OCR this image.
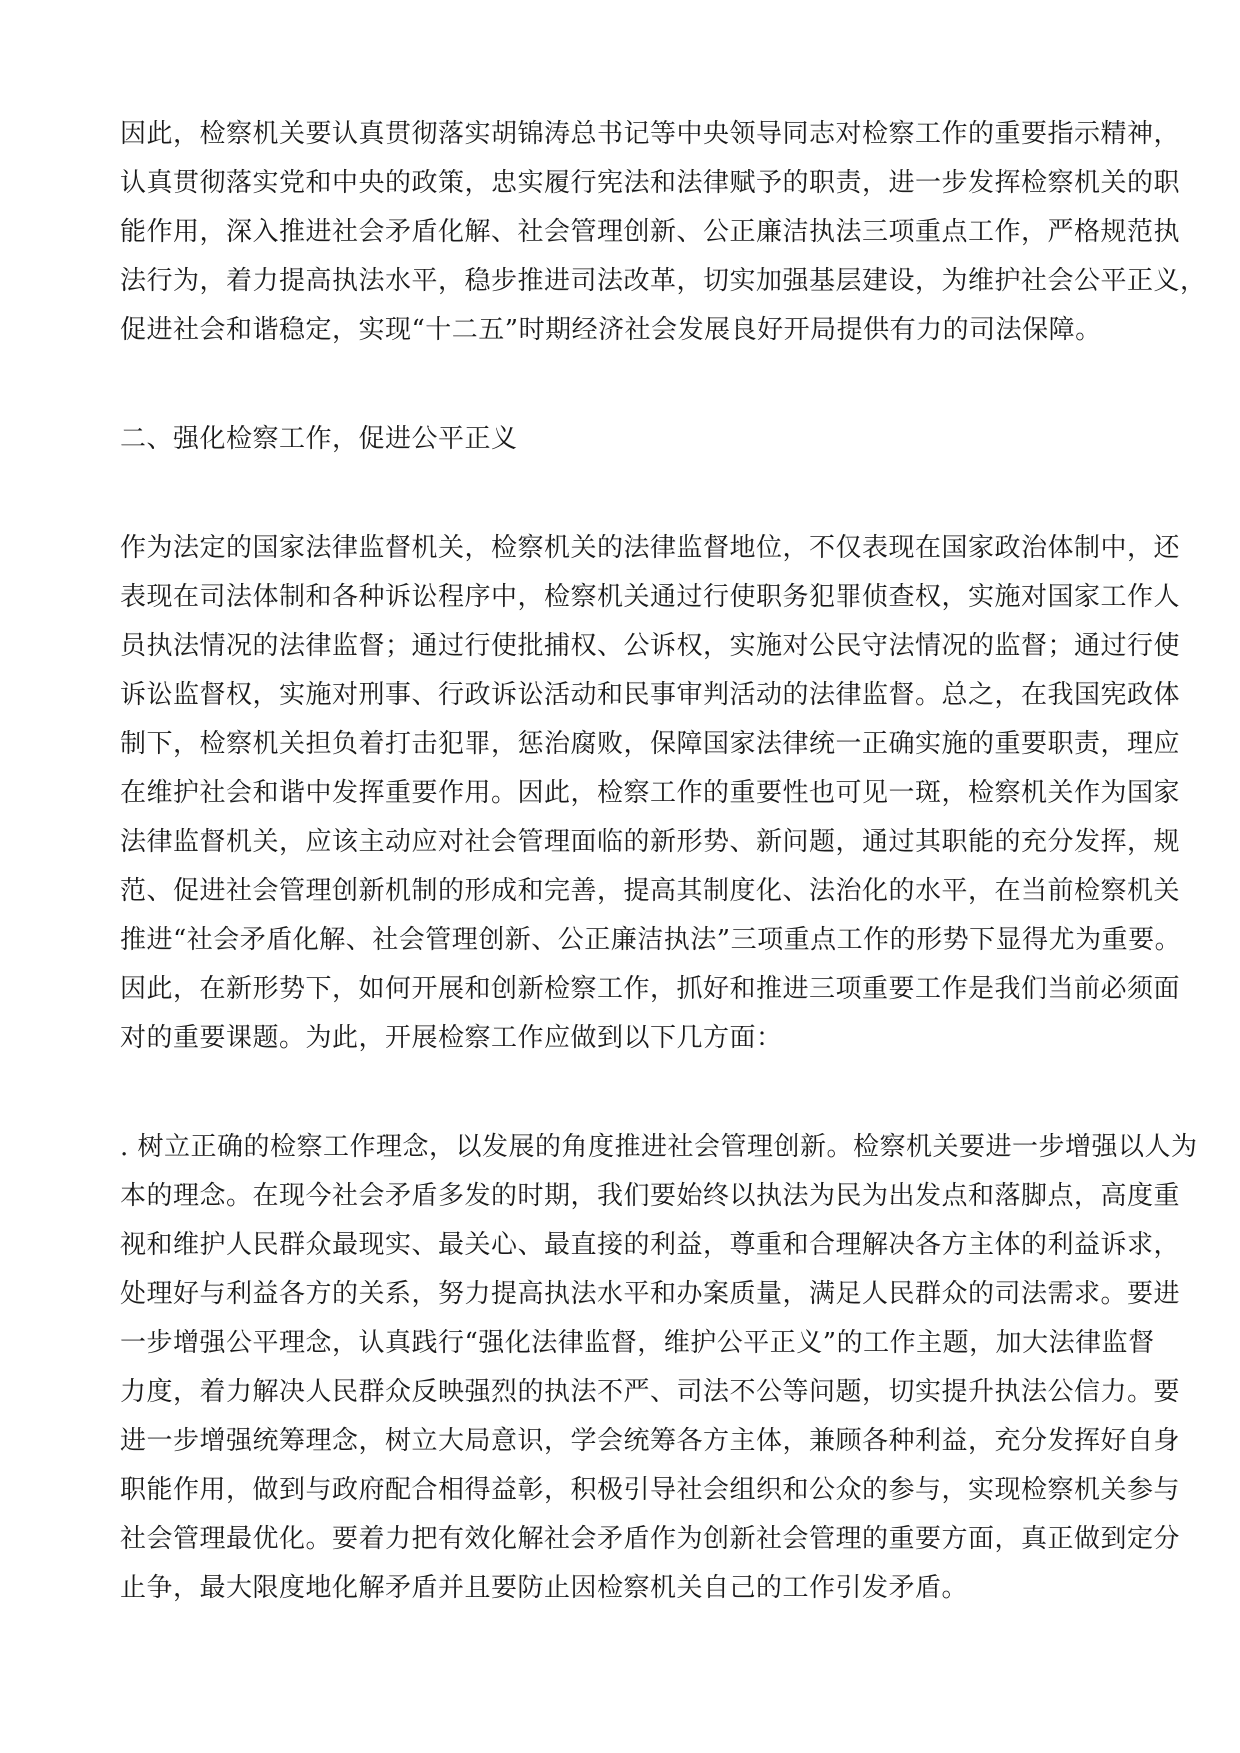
因此，检察机关要认真贯彻落实胡锦涛总书记等中央领导同志对检察工作的重要指示精神，
认真贯彻落实党和中央的政策，忠实履行宪法和法律赋予的职责，进一步发挥检察机关的职
能作用，深入推进社会矛盾化解、社会管理创新、公正廉洁执法三项重点工作，严格规范执
法行为，着力提高执法水平，稳步推进司法改革，切实加强基层建设，为维护社会公平正义，
促进社会和谐稳定，实现“十二五”时期经济社会发展良好开局提供有力的司法保障。
二、强化检察工作，促进公平正义
作为法定的国家法律监督机关，检察机关的法律监督地位，不仅表现在国家政治体制中，还
表现在司法体制和各种诉讼程序中，检察机关通过行使职务犯罪侦查权，实施对国家工作人
员执法情况的法律监督；通过行使批捕权、公诉权，实施对公民守法情况的监督；通过行使
诉讼监督权，实施对刑事、行政诉讼活动和民事审判活动的法律监督。总之，在我国宪政体
制下，检察机关担负着打击犯罪，惩治腐败，保障国家法律统一正确实施的重要职责，理应
在维护社会和谐中发挥重要作用。因此，检察工作的重要性也可见一斑，检察机关作为国家
法律监督机关，应该主动应对社会管理面临的新形势、新问题，通过其职能的充分发挥，规
范、促进社会管理创新机制的形成和完善，提高其制度化、法治化的水平，在当前检察机关
推进“社会矛盾化解、社会管理创新、公正廉洁执法”三项重点工作的形势下显得尤为重要。
因此，在新形势下，如何开展和创新检察工作，抓好和推进三项重要工作是我们当前必须面
对的重要课题。为此，开展检察工作应做到以下几方面：
. 树立正确的检察工作理念，以发展的角度推进社会管理创新。检察机关要进一步增强以人为
本的理念。在现今社会矛盾多发的时期，我们要始终以执法为民为出发点和落脚点，高度重
视和维护人民群众最现实、最关心、最直接的利益，尊重和合理解决各方主体的利益诉求，
处理好与利益各方的关系，努力提高执法水平和办案质量，满足人民群众的司法需求。要进
一步增强公平理念，认真践行“强化法律监督，维护公平正义”的工作主题，加大法律监督
力度，着力解决人民群众反映强烈的执法不严、司法不公等问题，切实提升执法公信力。要
进一步增强统筹理念，树立大局意识，学会统筹各方主体，兼顾各种利益，充分发挥好自身
职能作用，做到与政府配合相得益彰，积极引导社会组织和公众的参与，实现检察机关参与
社会管理最优化。要着力把有效化解社会矛盾作为创新社会管理的重要方面，真正做到定分
止争，最大限度地化解矛盾并且要防止因检察机关自己的工作引发矛盾。
